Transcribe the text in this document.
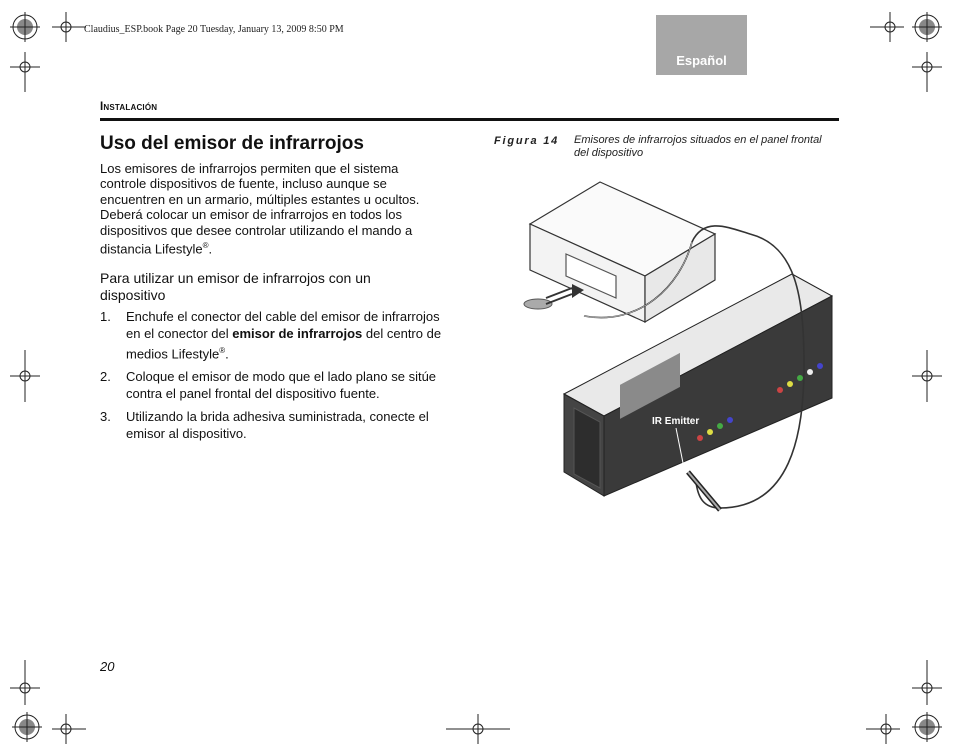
Claudius_ESP.book Page 20 Tuesday, January 13, 2009 8:50 PM
Español
Instalación
Uso del emisor de infrarrojos

Los emisores de infrarrojos permiten que el sistema controle dispositivos de fuente, incluso aunque se encuentren en un armario, múltiples estantes u ocultos. Deberá colocar un emisor de infrarrojos en todos los dispositivos que desee controlar utilizando el mando a distancia Lifestyle®.

Para utilizar un emisor de infrarrojos con un dispositivo
1. Enchufe el conector del cable del emisor de infrarrojos en el conector del emisor de infrarrojos del centro de medios Lifestyle®.
2. Coloque el emisor de modo que el lado plano se sitúe contra el panel frontal del dispositivo fuente.
3. Utilizando la brida adhesiva suministrada, conecte el emisor al dispositivo.
Figura 14 Emisores de infrarrojos situados en el panel frontal del dispositivo
IR Emitter
20
